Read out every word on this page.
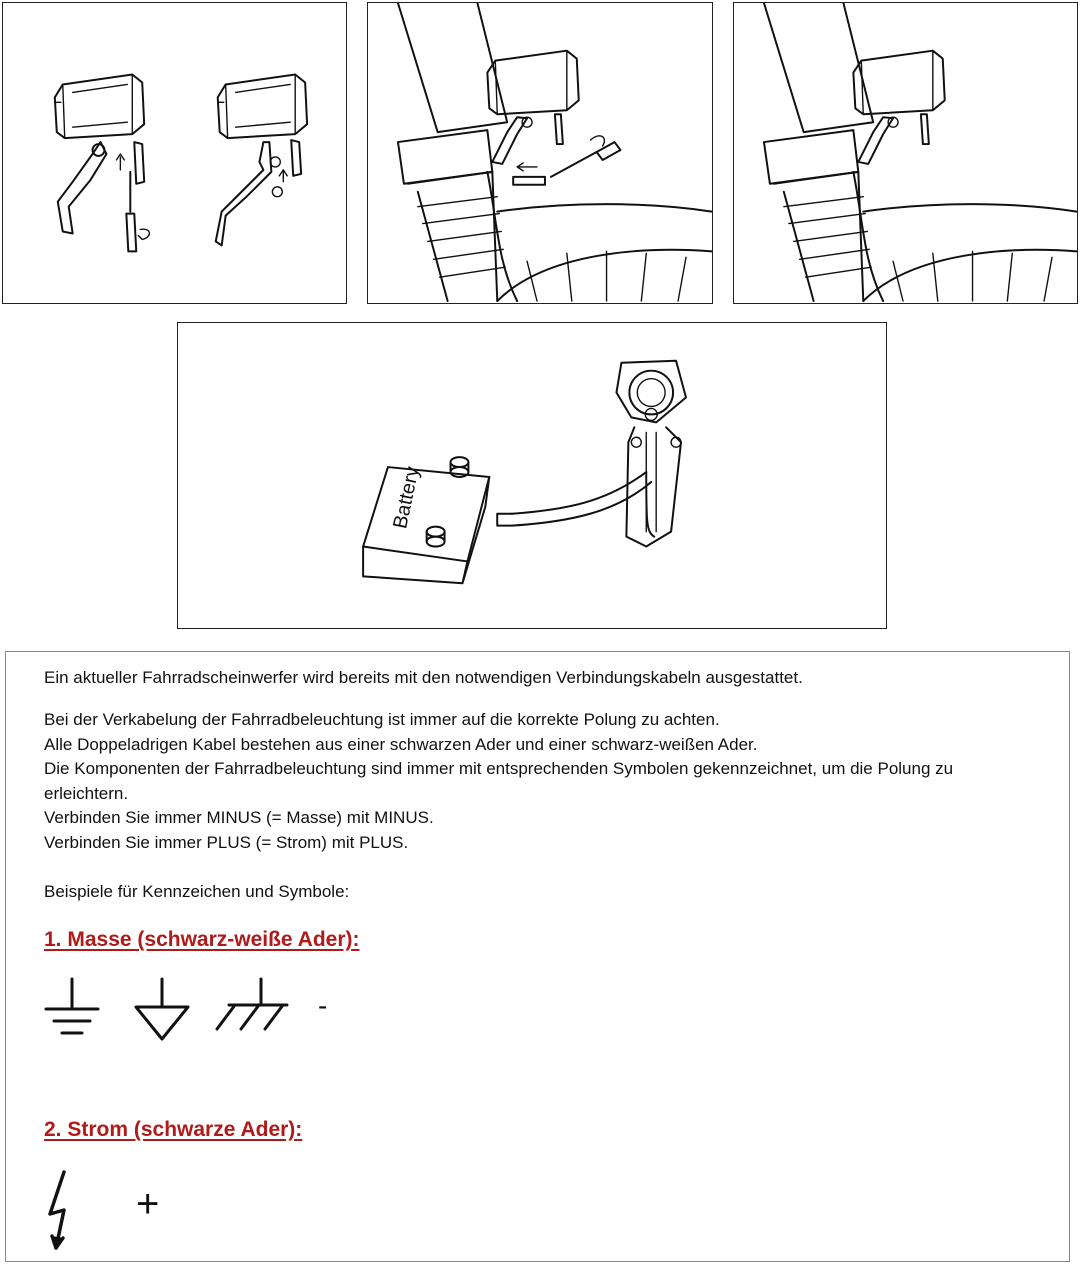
Battery

Ein aktueller Fahrradscheinwerfer wird bereits mit den notwendigen Verbindungskabeln ausgestattet.

Bei der Verkabelung der Fahrradbeleuchtung ist immer auf die korrekte Polung zu achten.

Alle Doppeladrigen Kabel bestehen aus einer schwarzen Ader und einer schwarz-weißen Ader.

Die Komponenten der Fahrradbeleuchtung sind immer mit entsprechenden Symbolen gekennzeichnet, um die Polung zu

erleichtern.

Verbinden Sie immer MINUS (= Masse) mit MINUS.

Verbinden Sie immer PLUS (= Strom) mit PLUS.

Beispiele für Kennzeichen und Symbole:

1. Masse (schwarz-weiße Ader):

-

2. Strom (schwarze Ader):

+
